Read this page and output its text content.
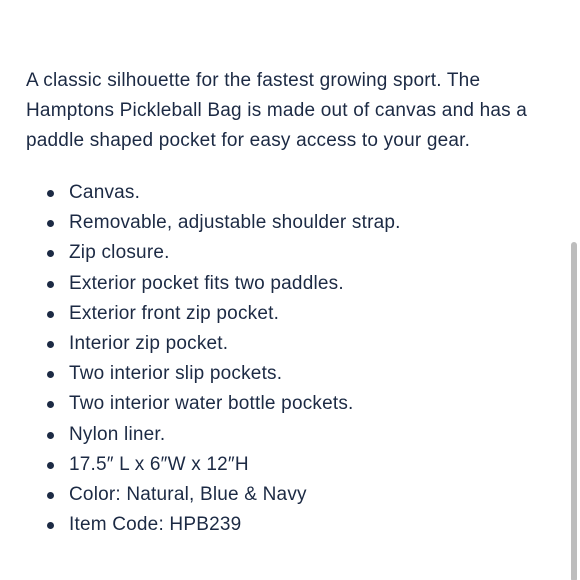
A classic silhouette for the fastest growing sport. The Hamptons Pickleball Bag is made out of canvas and has a paddle shaped pocket for easy access to your gear.

Canvas.
Removable, adjustable shoulder strap.
Zip closure.
Exterior pocket fits two paddles.
Exterior front zip pocket.
Interior zip pocket.
Two interior slip pockets.
Two interior water bottle pockets.
Nylon liner.
17.5″ L x 6″W x 12″H
Color: Natural, Blue & Navy
Item Code: HPB239
